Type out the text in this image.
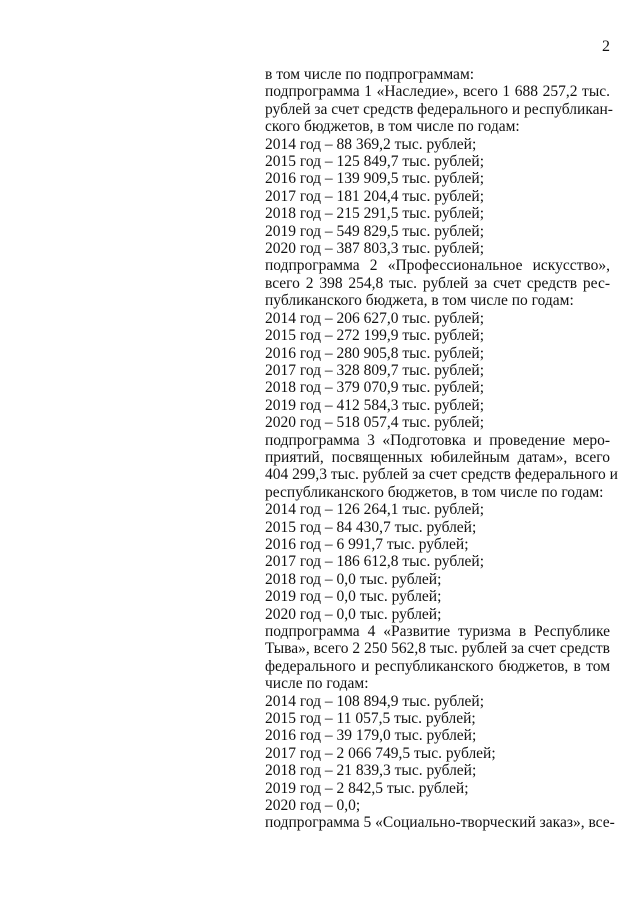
2
в том числе по подпрограммам:
подпрограмма 1 «Наследие», всего 1 688 257,2 тыс.
рублей за счет средств федерального и республикан-
ского бюджетов, в том числе по годам:
2014 год – 88 369,2 тыс. рублей;
2015 год – 125 849,7 тыс. рублей;
2016 год – 139 909,5 тыс. рублей;
2017 год – 181 204,4 тыс. рублей;
2018 год – 215 291,5 тыс. рублей;
2019 год – 549 829,5 тыс. рублей;
2020 год – 387 803,3 тыс. рублей;
подпрограмма 2 «Профессиональное искусство»,
всего 2 398 254,8 тыс. рублей за счет средств рес-
публиканского бюджета, в том числе по годам:
2014 год – 206 627,0 тыс. рублей;
2015 год – 272 199,9 тыс. рублей;
2016 год – 280 905,8 тыс. рублей;
2017 год – 328 809,7 тыс. рублей;
2018 год – 379 070,9 тыс. рублей;
2019 год – 412 584,3 тыс. рублей;
2020 год – 518 057,4 тыс. рублей;
подпрограмма 3 «Подготовка и проведение меро-
приятий, посвященных юбилейным датам», всего
404 299,3 тыс. рублей за счет средств федерального и
республиканского бюджетов, в том числе по годам:
2014 год – 126 264,1 тыс. рублей;
2015 год – 84 430,7 тыс. рублей;
2016 год – 6 991,7 тыс. рублей;
2017 год – 186 612,8 тыс. рублей;
2018 год – 0,0 тыс. рублей;
2019 год – 0,0 тыс. рублей;
2020 год – 0,0 тыс. рублей;
подпрограмма 4 «Развитие туризма в Республике
Тыва», всего 2 250 562,8 тыс. рублей за счет средств
федерального и республиканского бюджетов, в том
числе по годам:
2014 год – 108 894,9 тыс. рублей;
2015 год – 11 057,5 тыс. рублей;
2016 год – 39 179,0 тыс. рублей;
2017 год – 2 066 749,5 тыс. рублей;
2018 год – 21 839,3 тыс. рублей;
2019 год – 2 842,5 тыс. рублей;
2020 год – 0,0;
подпрограмма 5 «Социально-творческий заказ», все-
